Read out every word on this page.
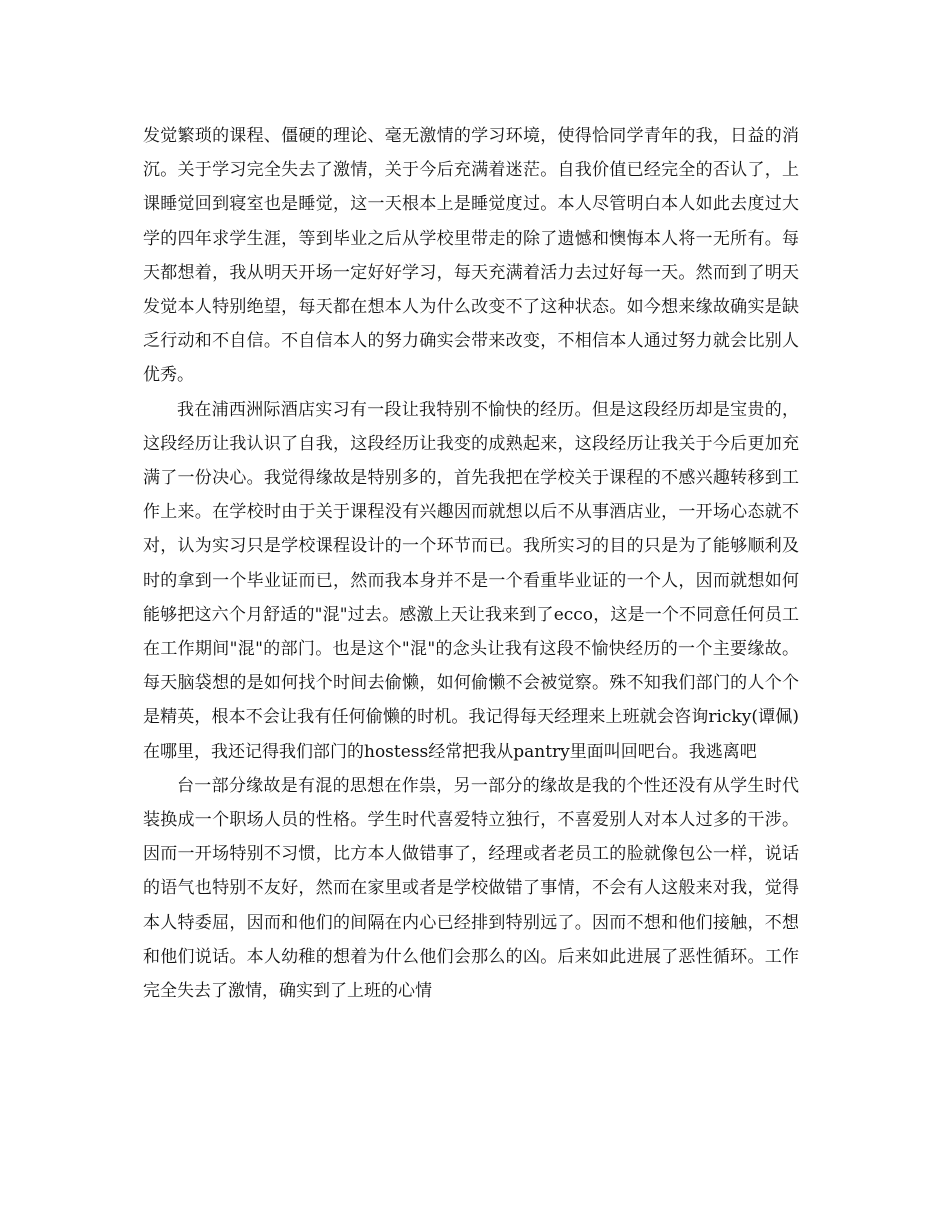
发觉繁琐的课程、僵硬的理论、毫无激情的学习环境，使得恰同学青年的我，日益的消沉。关于学习完全失去了激情，关于今后充满着迷茫。自我价值已经完全的否认了，上课睡觉回到寝室也是睡觉，这一天根本上是睡觉度过。本人尽管明白本人如此去度过大学的四年求学生涯，等到毕业之后从学校里带走的除了遗憾和懊悔本人将一无所有。每天都想着，我从明天开场一定好好学习，每天充满着活力去过好每一天。然而到了明天发觉本人特别绝望，每天都在想本人为什么改变不了这种状态。如今想来缘故确实是缺乏行动和不自信。不自信本人的努力确实会带来改变，不相信本人通过努力就会比别人优秀。

我在浦西洲际酒店实习有一段让我特别不愉快的经历。但是这段经历却是宝贵的，这段经历让我认识了自我，这段经历让我变的成熟起来，这段经历让我关于今后更加充满了一份决心。我觉得缘故是特别多的，首先我把在学校关于课程的不感兴趣转移到工作上来。在学校时由于关于课程没有兴趣因而就想以后不从事酒店业，一开场心态就不对，认为实习只是学校课程设计的一个环节而已。我所实习的目的只是为了能够顺利及时的拿到一个毕业证而已，然而我本身并不是一个看重毕业证的一个人，因而就想如何能够把这六个月舒适的"混"过去。感激上天让我来到了ecco，这是一个不同意任何员工在工作期间"混"的部门。也是这个"混"的念头让我有这段不愉快经历的一个主要缘故。每天脑袋想的是如何找个时间去偷懒，如何偷懒不会被觉察。殊不知我们部门的人个个是精英，根本不会让我有任何偷懒的时机。我记得每天经理来上班就会咨询ricky(谭佩)在哪里，我还记得我们部门的hostess经常把我从pantry里面叫回吧台。我逃离吧

台一部分缘故是有混的思想在作祟，另一部分的缘故是我的个性还没有从学生时代装换成一个职场人员的性格。学生时代喜爱特立独行，不喜爱别人对本人过多的干涉。因而一开场特别不习惯，比方本人做错事了，经理或者老员工的脸就像包公一样，说话的语气也特别不友好，然而在家里或者是学校做错了事情，不会有人这般来对我，觉得本人特委屈，因而和他们的间隔在内心已经排到特别远了。因而不想和他们接触，不想和他们说话。本人幼稚的想着为什么他们会那么的凶。后来如此进展了恶性循环。工作完全失去了激情，确实到了上班的心情
